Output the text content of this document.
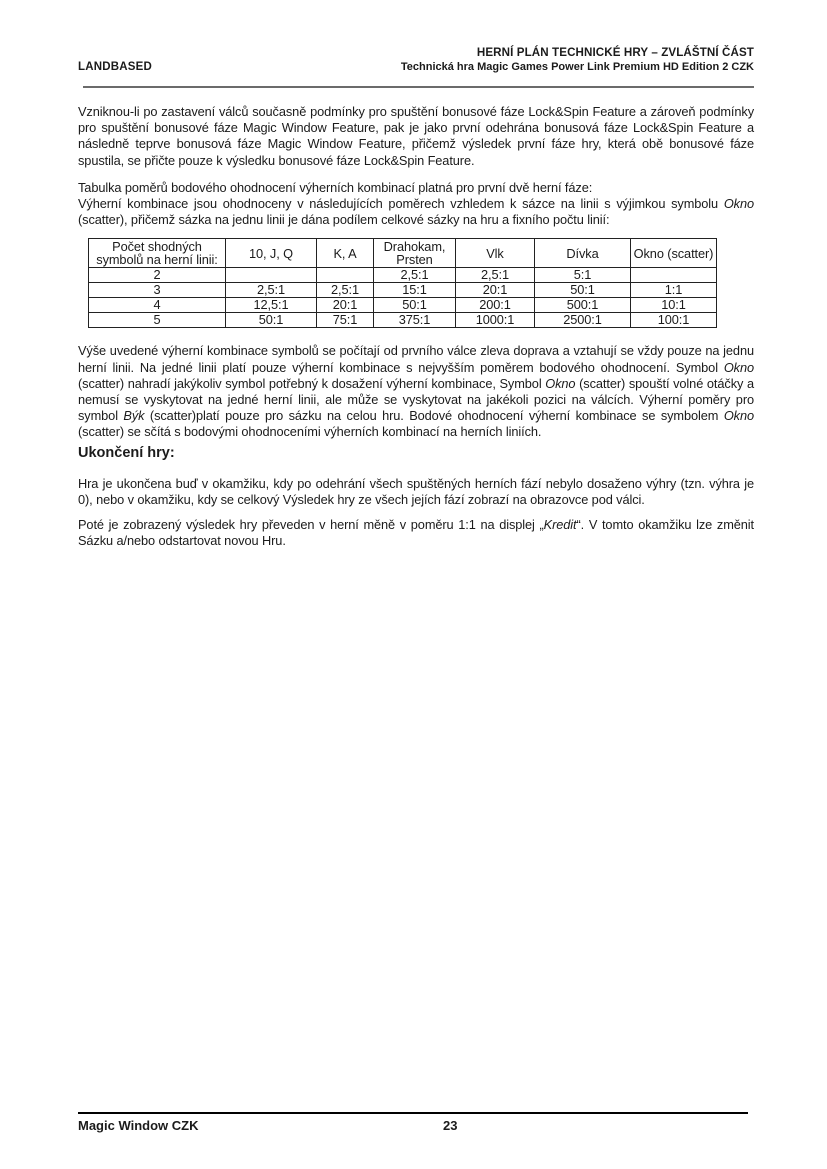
LANDBASED
HERNÍ PLÁN TECHNICKÉ HRY – ZVLÁŠTNÍ ČÁST
Technická hra Magic Games Power Link Premium HD Edition 2 CZK

Vzniknou-li po zastavení válců současně podmínky pro spuštění bonusové fáze Lock&Spin Feature a zároveň podmínky pro spuštění bonusové fáze Magic Window Feature, pak je jako první odehrána bonusová fáze Lock&Spin Feature a následně teprve bonusová fáze Magic Window Feature, přičemž výsledek první fáze hry, která obě bonusové fáze spustila, se přičte pouze k výsledku bonusové fáze Lock&Spin Feature.

Tabulka poměrů bodového ohodnocení výherních kombinací platná pro první dvě herní fáze:

Výherní kombinace jsou ohodnoceny v následujících poměrech vzhledem k sázce na linii s výjimkou symbolu Okno (scatter), přičemž sázka na jednu linii je dána podílem celkové sázky na hru a fixního počtu linií:

Počet shodných symbolů na herní linii:	10, J, Q	K, A	Drahokam, Prsten	Vlk	Dívka	Okno (scatter)
2			2,5:1	2,5:1	5:1	
3	2,5:1	2,5:1	15:1	20:1	50:1	1:1
4	12,5:1	20:1	50:1	200:1	500:1	10:1
5	50:1	75:1	375:1	1000:1	2500:1	100:1

Výše uvedené výherní kombinace symbolů se počítají od prvního válce zleva doprava a vztahují se vždy pouze na jednu herní linii. Na jedné linii platí pouze výherní kombinace s nejvyšším poměrem bodového ohodnocení. Symbol Okno (scatter) nahradí jakýkoliv symbol potřebný k dosažení výherní kombinace, Symbol Okno (scatter) spouští volné otáčky a nemusí se vyskytovat na jedné herní linii, ale může se vyskytovat na jakékoli pozici na válcích. Výherní poměry pro symbol Býk (scatter)platí pouze pro sázku na celou hru. Bodové ohodnocení výherní kombinace se symbolem Okno (scatter) se sčítá s bodovými ohodnoceními výherních kombinací na herních liniích.

Ukončení hry:

Hra je ukončena buď v okamžiku, kdy po odehrání všech spuštěných herních fází nebylo dosaženo výhry (tzn. výhra je 0), nebo v okamžiku, kdy se celkový Výsledek hry ze všech jejích fází zobrazí na obrazovce pod válci.

Poté je zobrazený výsledek hry převeden v herní měně v poměru 1:1 na displej „Kredit“. V tomto okamžiku lze změnit Sázku a/nebo odstartovat novou Hru.

Magic Window CZK	23
